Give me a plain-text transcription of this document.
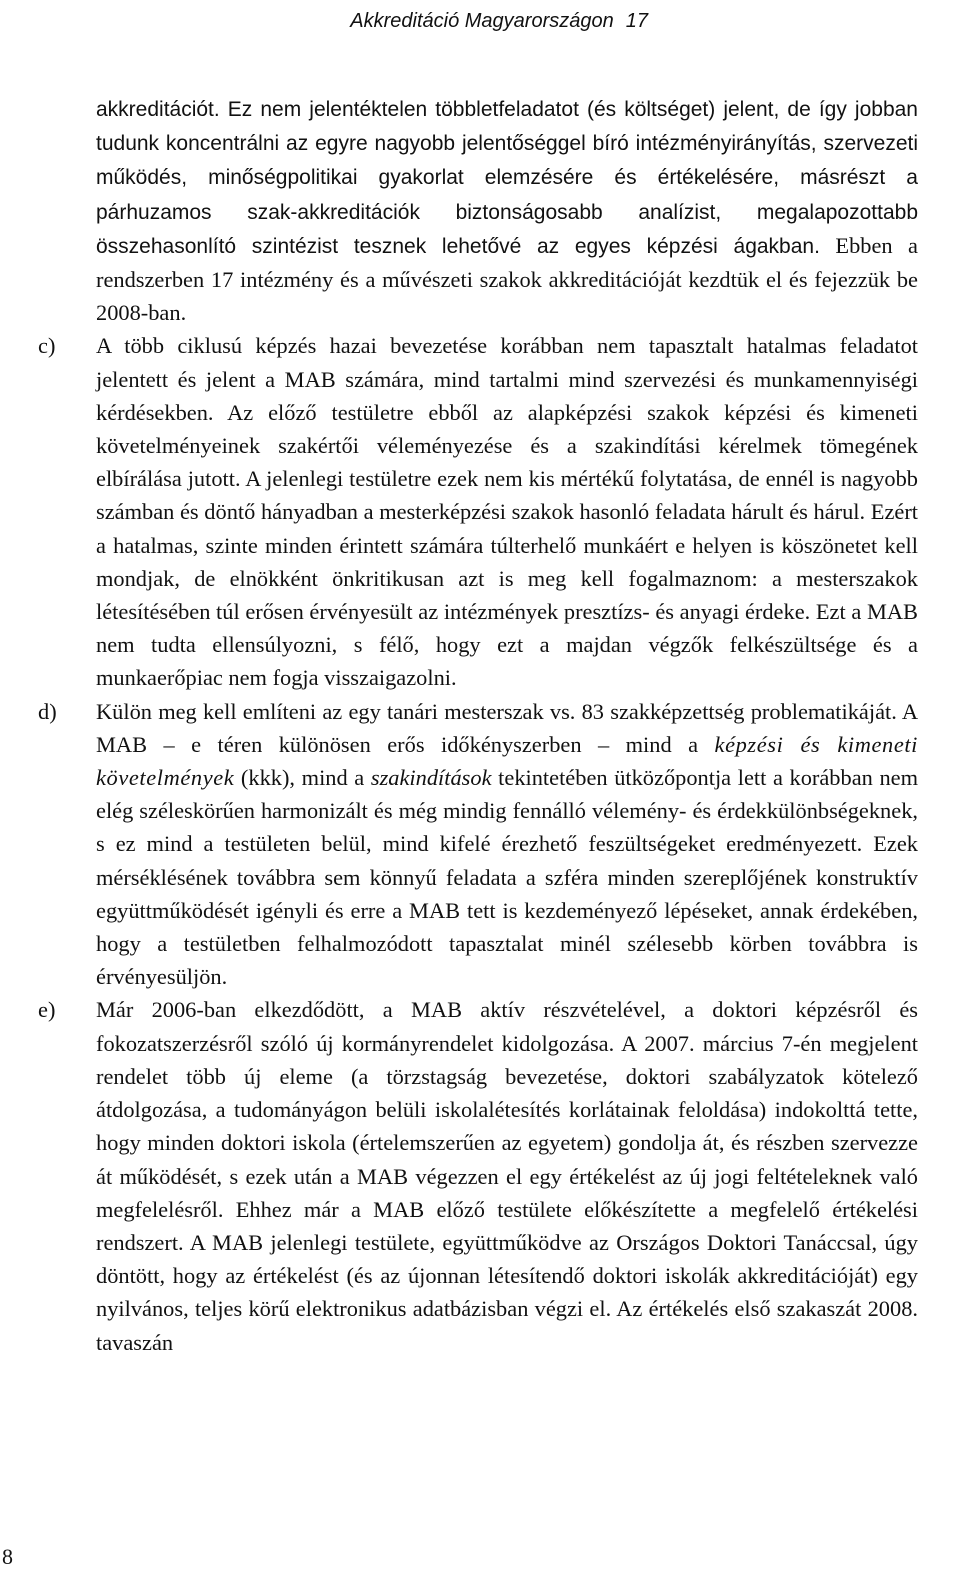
Akkreditáció Magyarországon 17

akkreditációt. Ez nem jelentéktelen többletfeladatot (és költséget) jelent, de így jobban tudunk koncentrálni az egyre nagyobb jelentőséggel bíró intézményirányítás, szervezeti működés, minőségpolitikai gyakorlat elemzésére és értékelésére, másrészt a párhuzamos szak-akkreditációk biztonságosabb analízist, megalapozottabb összehasonlító szintézist tesznek lehetővé az egyes képzési ágakban. Ebben a rendszerben 17 intézmény és a művészeti szakok akkreditációját kezdtük el és fejezzük be 2008-ban.

c)	A több ciklusú képzés hazai bevezetése korábban nem tapasztalt hatalmas feladatot jelentett és jelent a MAB számára, mind tartalmi mind szervezési és munkamennyiségi kérdésekben. Az előző testületre ebből az alapképzési szakok képzési és kimeneti követelményeinek szakértői véleményezése és a szakindítási kérelmek tömegének elbírálása jutott. A jelenlegi testületre ezek nem kis mértékű folytatása, de ennél is nagyobb számban és döntő hányadban a mesterképzési szakok hasonló feladata hárult és hárul. Ezért a hatalmas, szinte minden érintett számára túlterhelő munkáért e helyen is köszönetet kell mondjak, de elnökként önkritikusan azt is meg kell fogalmaznom: a mesterszakok létesítésében túl erősen érvényesült az intézmények presztízs- és anyagi érdeke. Ezt a MAB nem tudta ellensúlyozni, s félő, hogy ezt a majdan végzők felkészültsége és a munkaerőpiac nem fogja visszaigazolni.

d)	Külön meg kell említeni az egy tanári mesterszak vs. 83 szakképzettség problematikáját. A MAB – e téren különösen erős időkényszerben – mind a képzési és kimeneti követelmények (kkk), mind a szakindítások tekintetében ütközőpontja lett a korábban nem elég széleskörűen harmonizált és még mindig fennálló vélemény- és érdekkülönbségeknek, s ez mind a testületen belül, mind kifelé érezhető feszültségeket eredményezett. Ezek mérséklésének továbbra sem könnyű feladata a szféra minden szereplőjének konstruktív együttműködését igényli és erre a MAB tett is kezdeményező lépéseket, annak érdekében, hogy a testületben felhalmozódott tapasztalat minél szélesebb körben továbbra is érvényesüljön.

e)	Már 2006-ban elkezdődött, a MAB aktív részvételével, a doktori képzésről és fokozatszerzésről szóló új kormányrendelet kidolgozása. A 2007. március 7-én megjelent rendelet több új eleme (a törzstagság bevezetése, doktori szabályzatok kötelező átdolgozása, a tudományágon belüli iskolalétesítés korlátainak feloldása) indokolttá tette, hogy minden doktori iskola (értelemszerűen az egyetem) gondolja át, és részben szervezze át működését, s ezek után a MAB végezzen el egy értékelést az új jogi feltételeknek való megfelelésről. Ehhez már a MAB előző testülete előkészítette a megfelelő értékelési rendszert. A MAB jelenlegi testülete, együttműködve az Országos Doktori Tanáccsal, úgy döntött, hogy az értékelést (és az újonnan létesítendő doktori iskolák akkreditációját) egy nyilvános, teljes körű elektronikus adatbázisban végzi el. Az értékelés első szakaszát 2008. tavaszán

8
